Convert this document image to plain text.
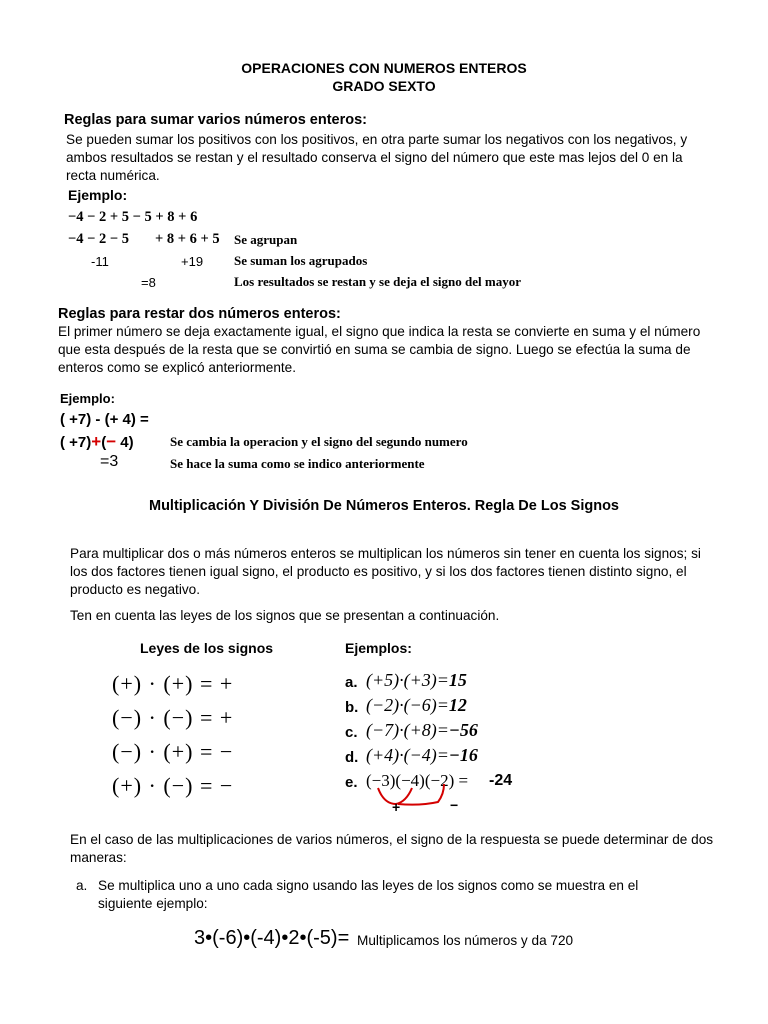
OPERACIONES CON NUMEROS ENTEROS
GRADO SEXTO
Reglas para sumar varios números enteros:
Se pueden sumar los positivos con los positivos, en otra parte sumar los negativos con los negativos, y ambos resultados se restan y el resultado conserva el signo del número que este mas lejos del 0 en la recta numérica.
Ejemplo:
−4 − 2 + 5 − 5 + 8 + 6
−4 − 2 − 5 + 8 + 6 + 5 Se agrupan
-11	+19 Se suman los agrupados
=8	Los resultados se restan y se deja el signo del mayor
Reglas para restar dos números enteros:
El primer número se deja exactamente igual, el signo que indica la resta se convierte en suma y el número que esta después de la resta que se convirtió en suma se cambia de signo. Luego se efectúa la suma de enteros como se explicó anteriormente.
Ejemplo:
( +7) - (+ 4) =
( +7)+(− 4)	Se cambia la operacion y el signo del segundo numero
=3	Se hace la suma como se indico anteriormente
Multiplicación Y División De Números Enteros. Regla De Los Signos
Para multiplicar dos o más números enteros se multiplican los números sin tener en cuenta los signos; si los dos factores tienen igual signo, el producto es positivo, y si los dos factores tienen distinto signo, el producto es negativo.
Ten en cuenta las leyes de los signos que se presentan a continuación.
Leyes de los signos	Ejemplos:
(+) · (+) = +
(−) · (−) = +
(−) · (+) = −
(+) · (−) = −
a. (+5)·(+3)=15
b. (−2)·(−6)=12
c. (−7)·(+8)=−56
d. (+4)·(−4)=−16
e. (−3)(−4)(−2) = -24
+	−
En el caso de las multiplicaciones de varios números, el signo de la respuesta se puede determinar de dos maneras:
a. Se multiplica uno a uno cada signo usando las leyes de los signos como se muestra en el siguiente ejemplo:
3•(-6)•(-4)•2•(-5)= Multiplicamos los números y da 720
